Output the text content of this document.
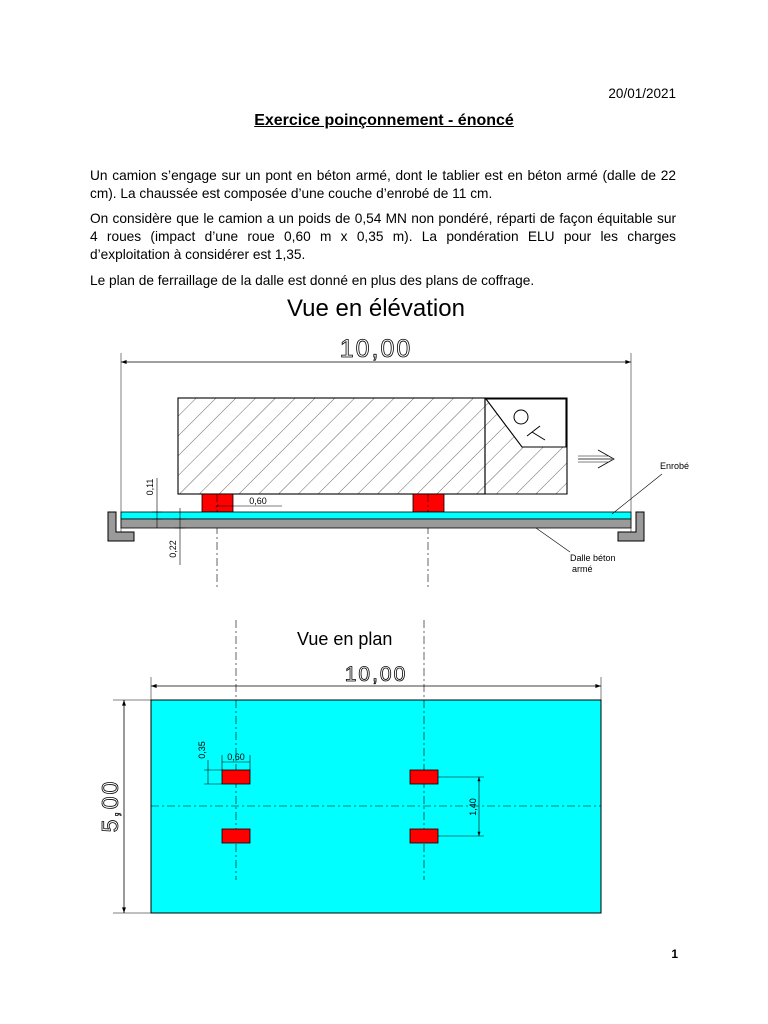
20/01/2021
Exercice poinçonnement - énoncé
Un camion s’engage sur un pont en béton armé, dont le tablier est en béton armé (dalle de 22 cm). La chaussée est composée d’une couche d’enrobé de 11 cm.
On considère que le camion a un poids de 0,54 MN non pondéré, réparti de façon équitable sur 4 roues (impact d’une roue 0,60 m x 0,35 m). La pondération ELU pour les charges d’exploitation à considérer est 1,35.
Le plan de ferraillage de la dalle est donné en plus des plans de coffrage.
Vue en élévation
10,00
0,60
0,11
0,22
Enrobé
Dalle béton
armé
Vue en plan
10,00
5,00
0,35 0,60
1,40
1
